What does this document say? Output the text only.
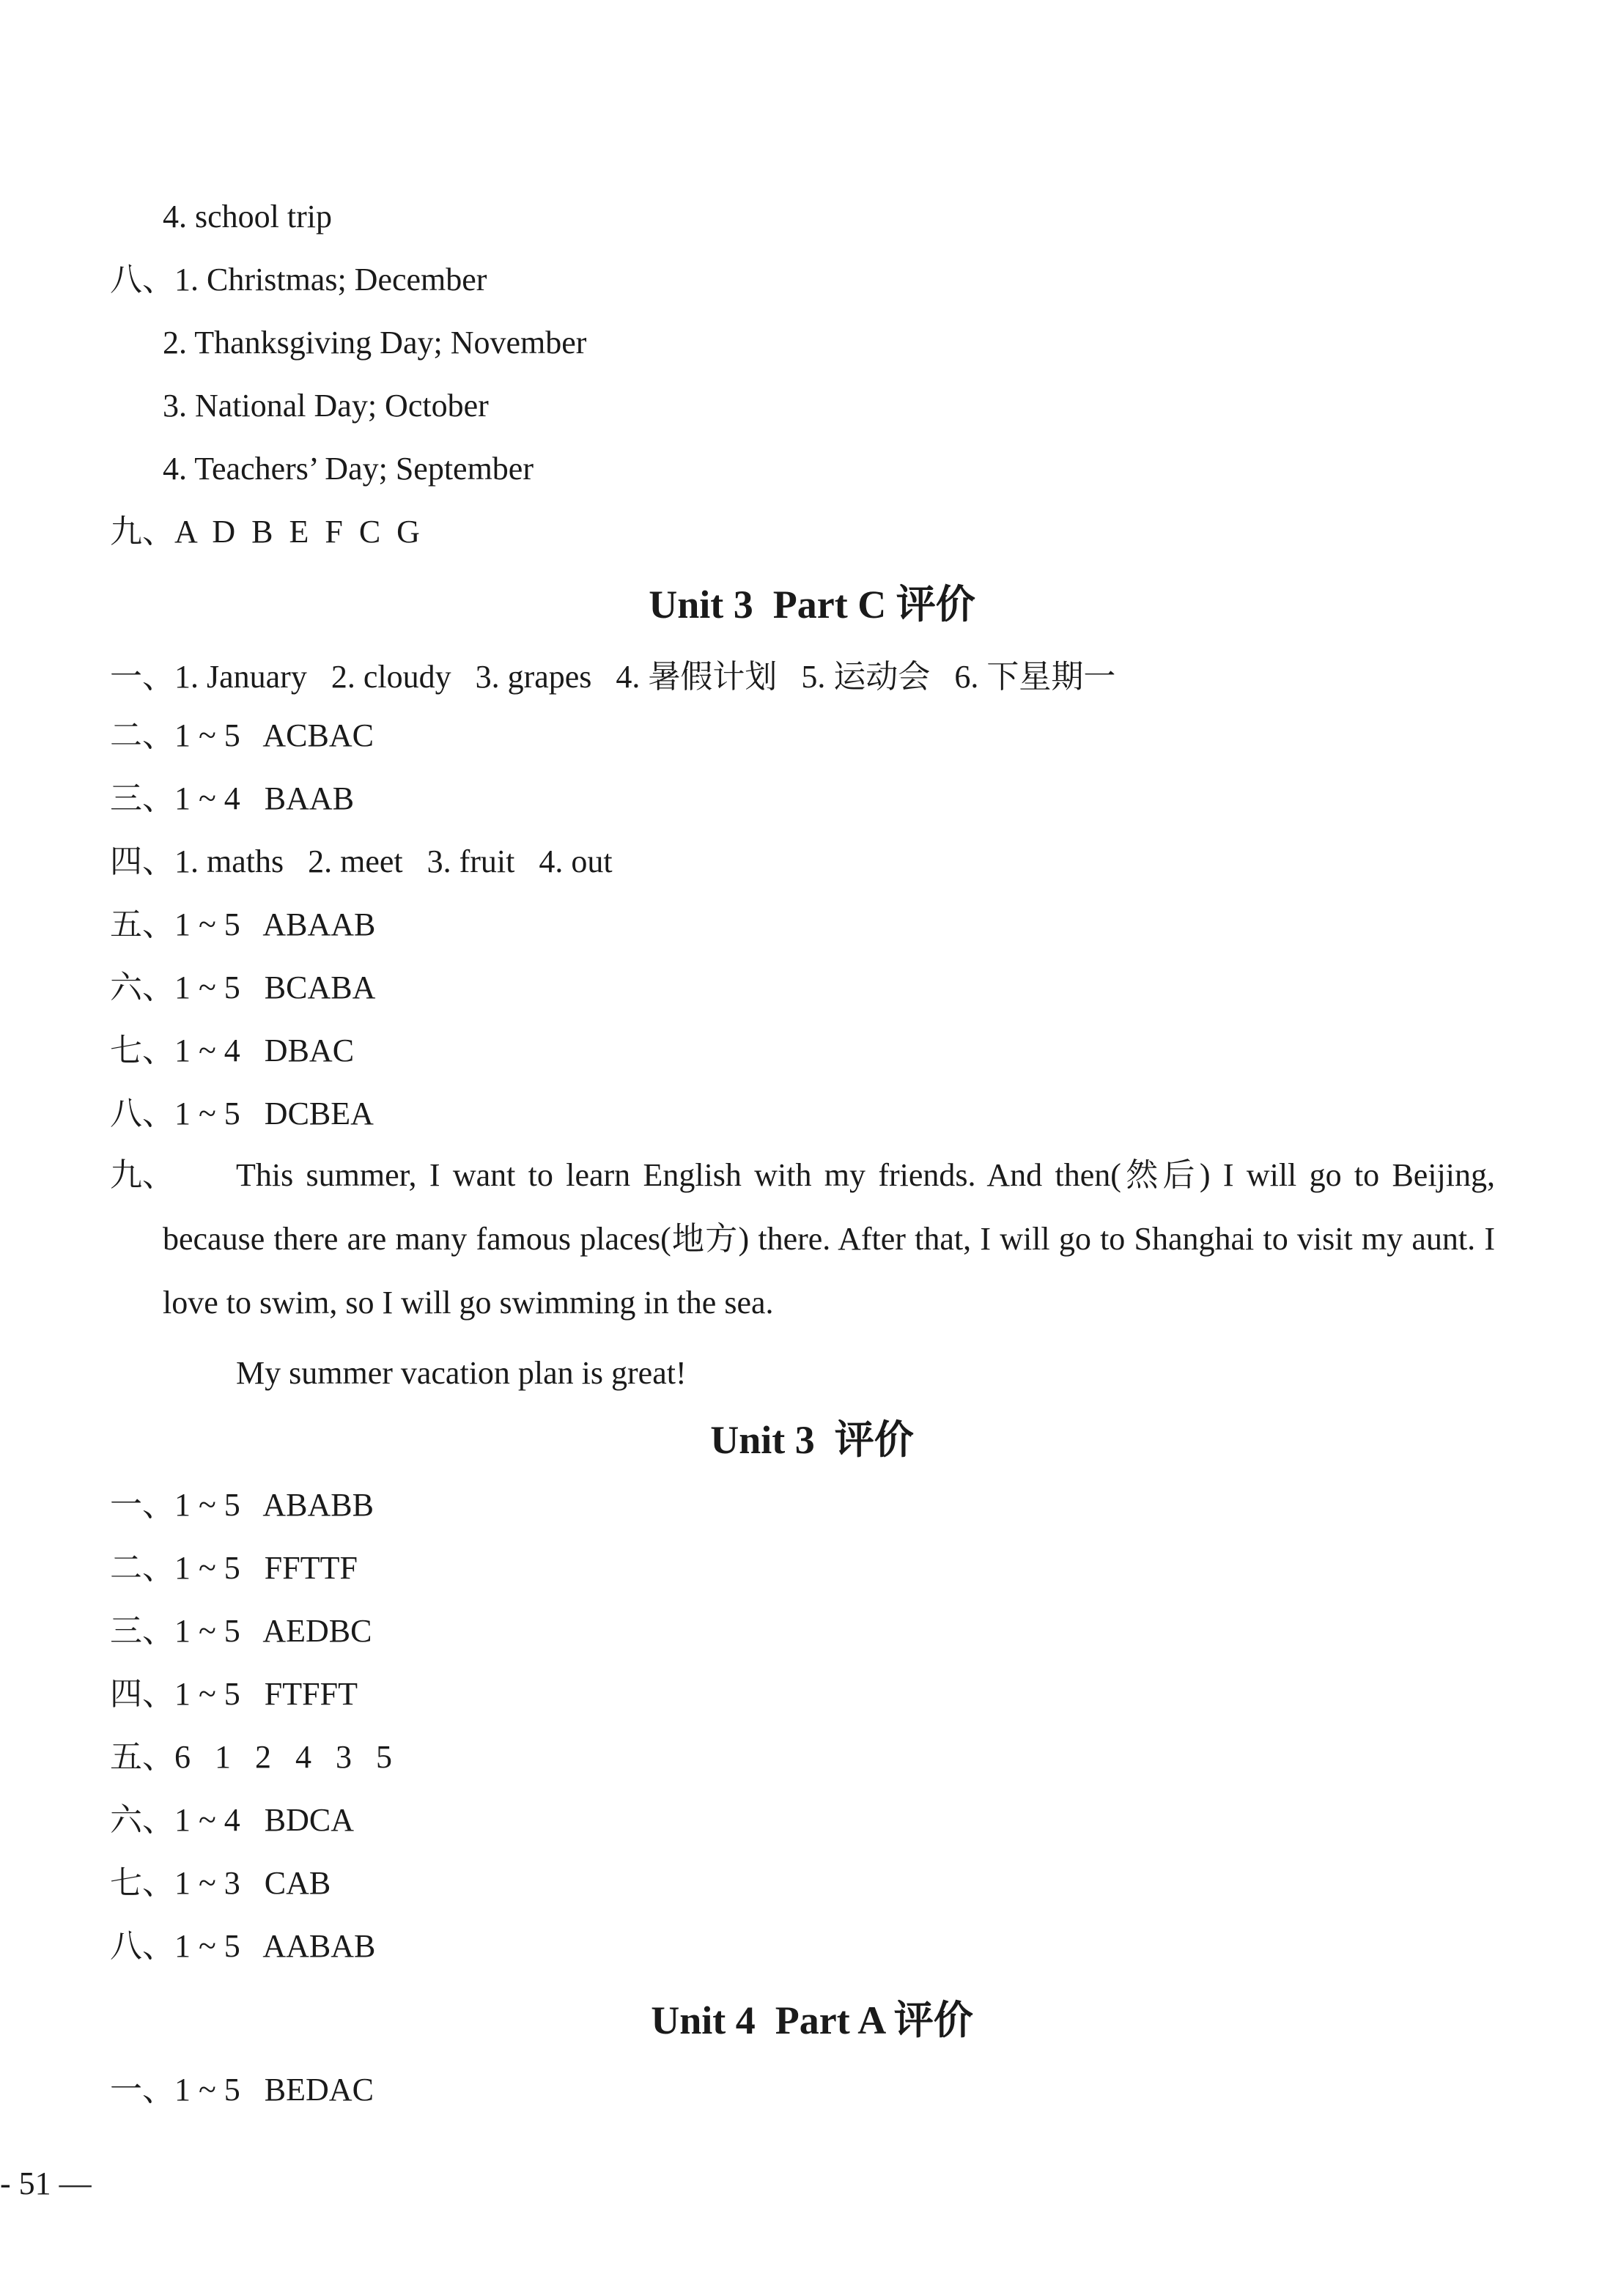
4. school trip
八、1. Christmas; December
2. Thanksgiving Day; November
3. National Day; October
4. Teachers’ Day; September
九、A  D  B  E  F  C  G
Unit 3  Part C 评价
一、1. January   2. cloudy   3. grapes   4. 暑假计划   5. 运动会   6. 下星期一
二、1 ~ 5   ACBAC
三、1 ~ 4   BAAB
四、1. maths   2. meet   3. fruit   4. out
五、1 ~ 5   ABAAB
六、1 ~ 5   BCABA
七、1 ~ 4   DBAC
八、1 ~ 5   DCBEA
九、	This summer, I want to learn English with my friends. And then(然后) I will go to Beijing, because there are many famous places(地方) there. After that, I will go to Shanghai to visit my aunt. I love to swim, so I will go swimming in the sea.
My summer vacation plan is great!
Unit 3  评价
一、1 ~ 5   ABABB
二、1 ~ 5   FFTTF
三、1 ~ 5   AEDBC
四、1 ~ 5   FTFFT
五、6   1   2   4   3   5
六、1 ~ 4   BDCA
七、1 ~ 3   CAB
八、1 ~ 5   AABAB
Unit 4  Part A 评价
一、1 ~ 5   BEDAC
- 51 —
